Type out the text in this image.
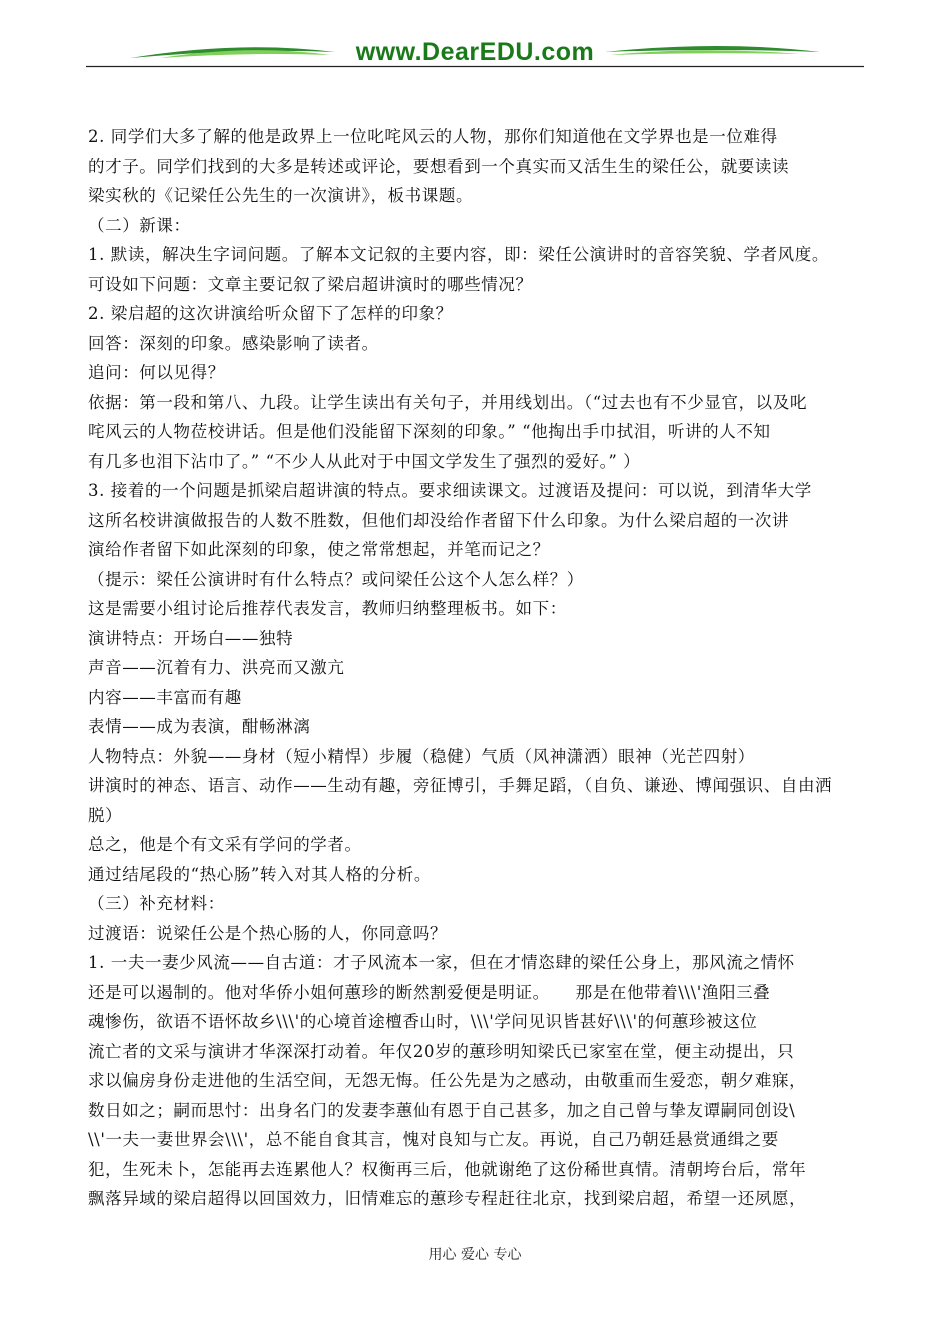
www.DearEDU.com
2. 同学们大多了解的他是政界上一位叱咤风云的人物，那你们知道他在文学界也是一位难得
的才子。同学们找到的大多是转述或评论，要想看到一个真实而又活生生的梁任公，就要读读
梁实秋的《记梁任公先生的一次演讲》，板书课题。
（二）新课：
1. 默读，解决生字词问题。了解本文记叙的主要内容，即：梁任公演讲时的音容笑貌、学者风度。
可设如下问题：文章主要记叙了梁启超讲演时的哪些情况？
2. 梁启超的这次讲演给听众留下了怎样的印象？
回答：深刻的印象。感染影响了读者。
追问：何以见得？
依据：第一段和第八、九段。让学生读出有关句子，并用线划出。（“过去也有不少显官，以及叱
咤风云的人物莅校讲话。但是他们没能留下深刻的印象。” “他掏出手巾拭泪，听讲的人不知
有几多也泪下沾巾了。” “不少人从此对于中国文学发生了强烈的爱好。” ）
3. 接着的一个问题是抓梁启超讲演的特点。要求细读课文。过渡语及提问：可以说，到清华大学
这所名校讲演做报告的人数不胜数，但他们却没给作者留下什么印象。为什么梁启超的一次讲
演给作者留下如此深刻的印象，使之常常想起，并笔而记之？
（提示：梁任公演讲时有什么特点？或问梁任公这个人怎么样？）
这是需要小组讨论后推荐代表发言，教师归纳整理板书。如下：
演讲特点：开场白——独特
声音——沉着有力、洪亮而又激亢
内容——丰富而有趣
表情——成为表演，酣畅淋漓
人物特点：外貌——身材（短小精悍）步履（稳健）气质（风神潇洒）眼神（光芒四射）
讲演时的神态、语言、动作——生动有趣，旁征博引，手舞足蹈，（自负、谦逊、博闻强识、自由洒
脱）
总之，他是个有文采有学问的学者。
通过结尾段的“热心肠”转入对其人格的分析。
（三）补充材料：
过渡语：说梁任公是个热心肠的人，你同意吗？
1. 一夫一妻少风流——自古道：才子风流本一家，但在才情恣肆的梁任公身上，那风流之情怀
还是可以遏制的。他对华侨小姐何蕙珍的断然割爱便是明证。　　那是在他带着\\\'渔阳三叠
魂惨伤，欲语不语怀故乡\\\'的心境首途檀香山时，\\\'学问见识皆甚好\\\'的何蕙珍被这位
流亡者的文采与演讲才华深深打动着。年仅20岁的蕙珍明知梁氏已家室在堂，便主动提出，只
求以偏房身份走进他的生活空间，无怨无悔。任公先是为之感动，由敬重而生爱恋，朝夕难寐，
数日如之；嗣而思忖：出身名门的发妻李蕙仙有恩于自己甚多，加之自己曾与挚友谭嗣同创设\
\\'一夫一妻世界会\\\'，总不能自食其言，愧对良知与亡友。再说，自己乃朝廷悬赏通缉之要
犯，生死未卜，怎能再去连累他人？权衡再三后，他就谢绝了这份稀世真情。清朝垮台后，常年
飘落异域的梁启超得以回国效力，旧情难忘的蕙珍专程赶往北京，找到梁启超，希望一还夙愿，
用心 爱心 专心
